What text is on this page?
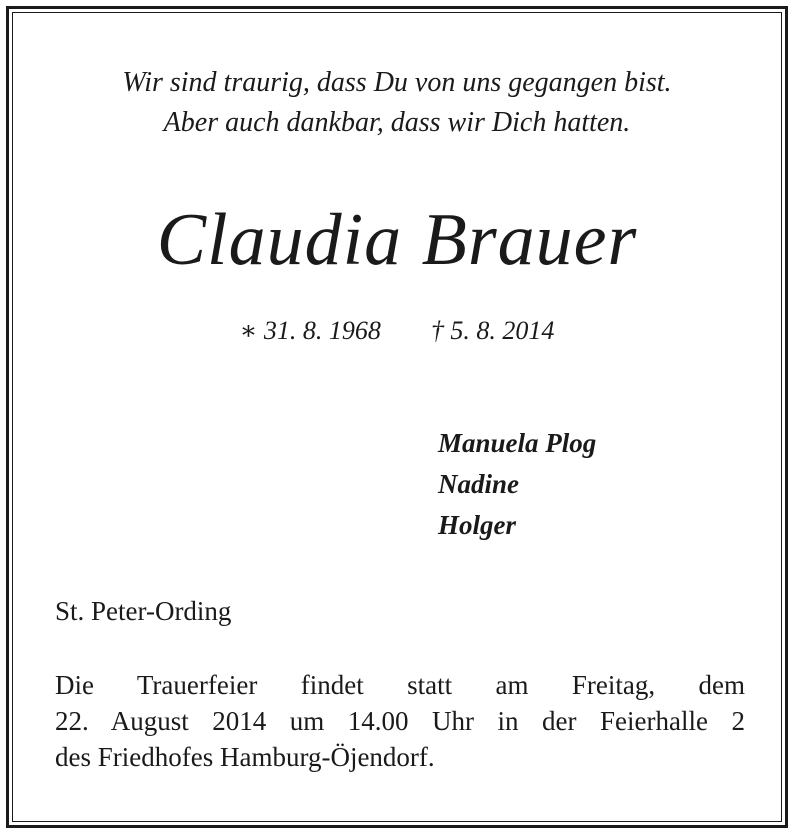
Wir sind traurig, dass Du von uns gegangen bist.
Aber auch dankbar, dass wir Dich hatten.
Claudia Brauer
∗ 31. 8. 1968 † 5. 8. 2014
Manuela Plog
Nadine
Holger
St. Peter-Ording
Die Trauerfeier findet statt am Freitag, dem
22. August 2014 um 14.00 Uhr in der Feierhalle 2
des Friedhofes Hamburg-Öjendorf.
